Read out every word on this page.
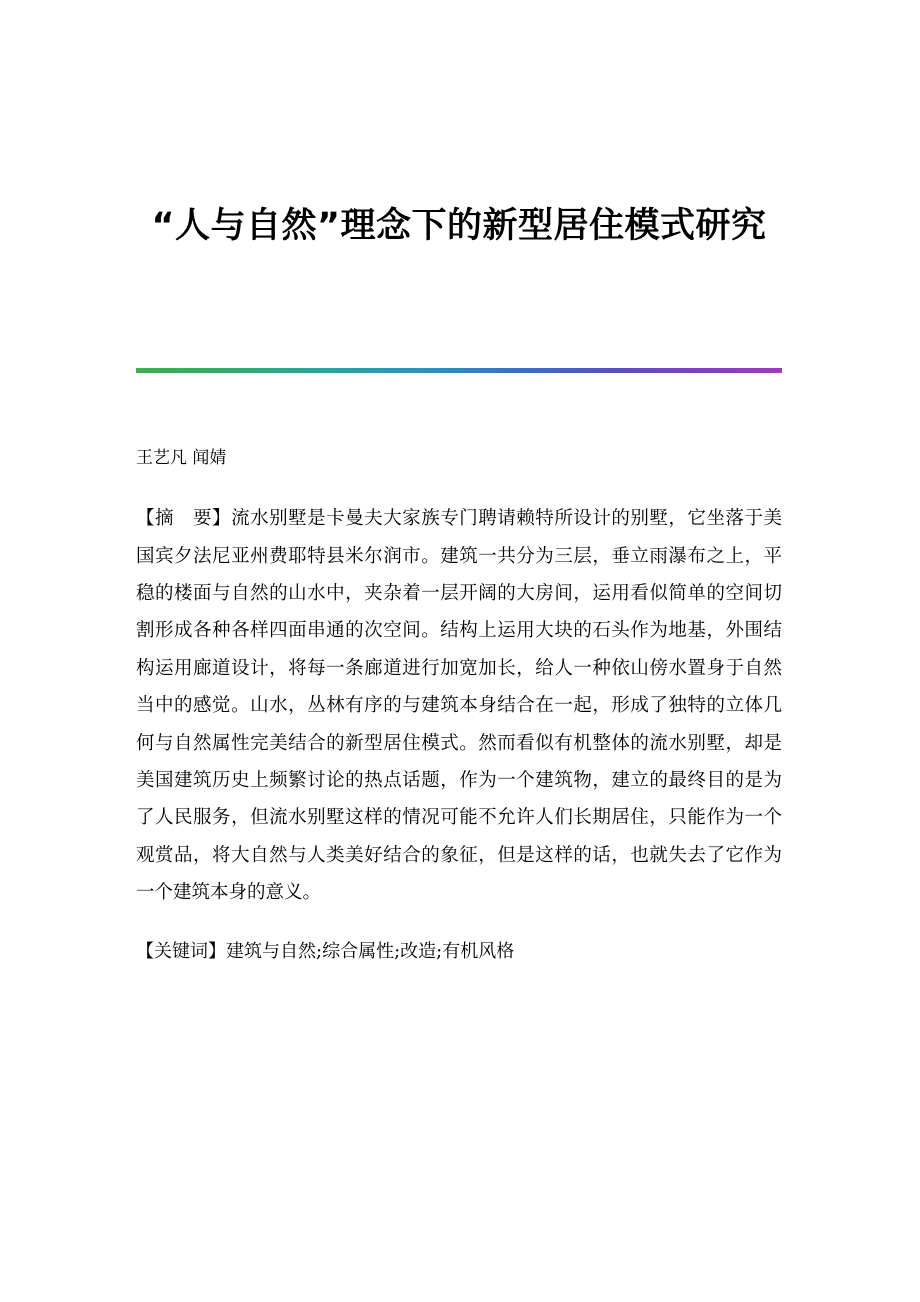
“人与自然”理念下的新型居住模式研究
王艺凡 闻婧
【摘　要】流水别墅是卡曼夫大家族专门聘请赖特所设计的别墅，它坐落于美国宾夕法尼亚州费耶特县米尔润市。建筑一共分为三层，垂立雨瀑布之上，平稳的楼面与自然的山水中，夹杂着一层开阔的大房间，运用看似简单的空间切割形成各种各样四面串通的次空间。结构上运用大块的石头作为地基，外围结构运用廊道设计，将每一条廊道进行加宽加长，给人一种依山傍水置身于自然当中的感觉。山水，丛林有序的与建筑本身结合在一起，形成了独特的立体几何与自然属性完美结合的新型居住模式。然而看似有机整体的流水别墅，却是美国建筑历史上频繁讨论的热点话题，作为一个建筑物，建立的最终目的是为了人民服务，但流水别墅这样的情况可能不允许人们长期居住，只能作为一个观赏品，将大自然与人类美好结合的象征，但是这样的话，也就失去了它作为一个建筑本身的意义。
【关键词】建筑与自然;综合属性;改造;有机风格
